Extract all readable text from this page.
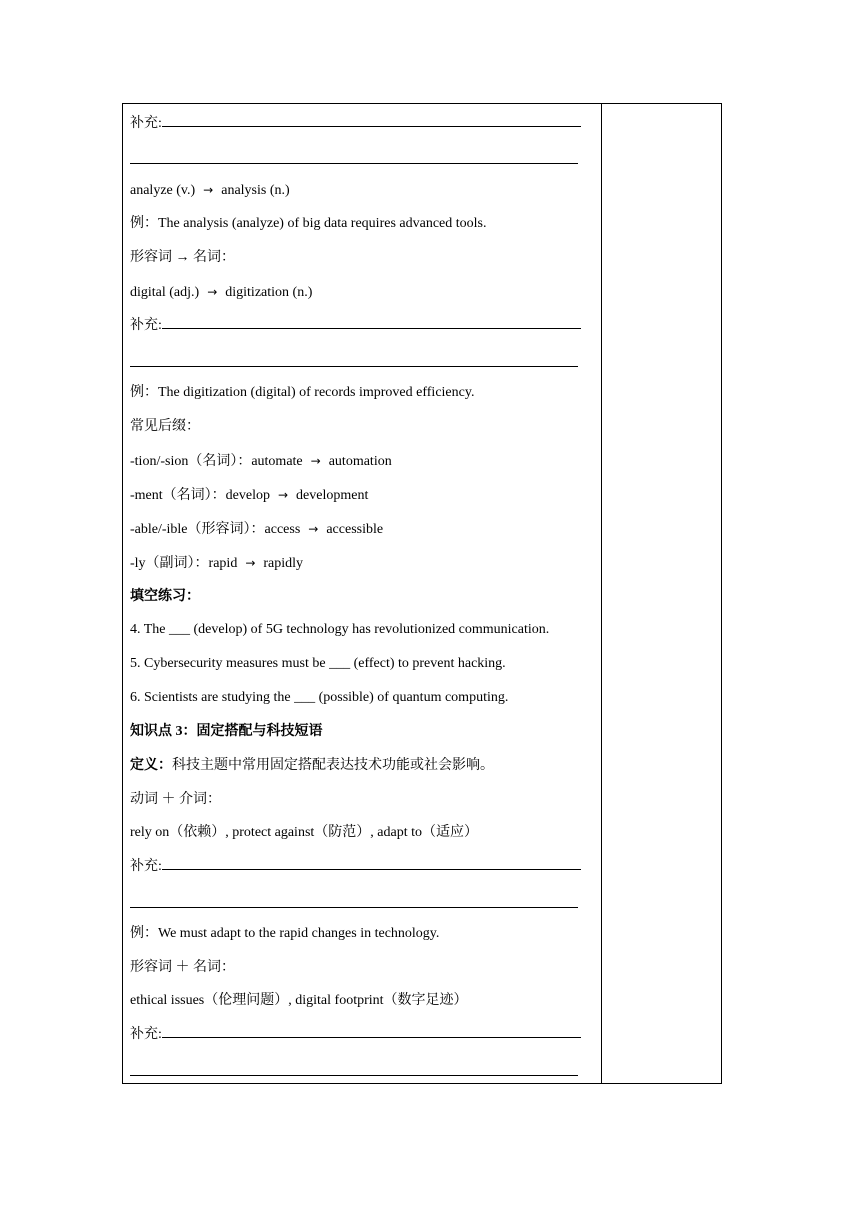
补充:
analyze (v.) → analysis (n.)
例：The analysis (analyze) of big data requires advanced tools.
形容词 → 名词：
digital (adj.) → digitization (n.)
补充:
例：The digitization (digital) of records improved efficiency.
常见后缀：
-tion/-sion（名词）：automate → automation
-ment（名词）：develop → development
-able/-ible（形容词）：access → accessible
-ly（副词）：rapid → rapidly
填空练习：
4. The ___ (develop) of 5G technology has revolutionized communication.
5. Cybersecurity measures must be ___ (effect) to prevent hacking.
6. Scientists are studying the ___ (possible) of quantum computing.
知识点 3：固定搭配与科技短语
定义：科技主题中常用固定搭配表达技术功能或社会影响。
动词 ＋ 介词：
rely on（依赖）, protect against（防范）, adapt to（适应）
补充:
例：We must adapt to the rapid changes in technology.
形容词 ＋ 名词：
ethical issues（伦理问题）, digital footprint（数字足迹）
补充:
